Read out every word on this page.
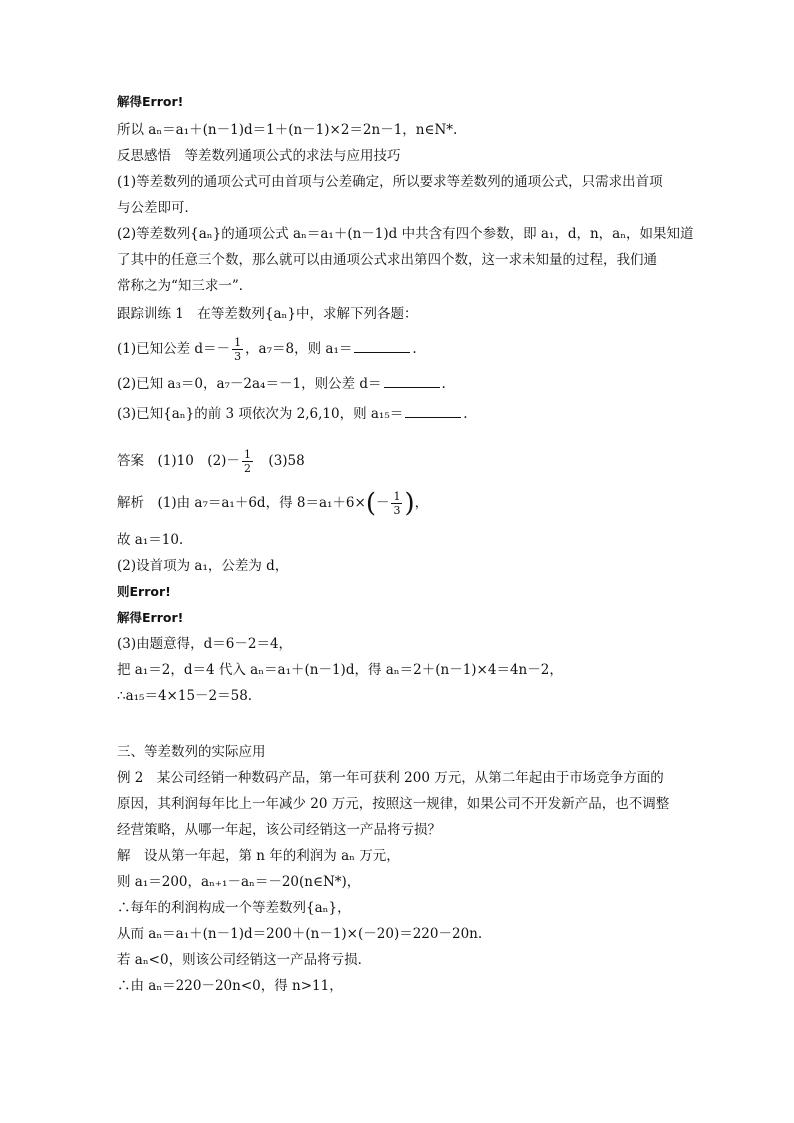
解得Error!
所以 aₙ＝a₁＋(n－1)d＝1＋(n－1)×2＝2n－1，n∈N*.
反思感悟　等差数列通项公式的求法与应用技巧
(1)等差数列的通项公式可由首项与公差确定，所以要求等差数列的通项公式，只需求出首项
与公差即可．
(2)等差数列{aₙ}的通项公式 aₙ＝a₁＋(n－1)d 中共含有四个参数，即 a₁，d，n，aₙ，如果知道
了其中的任意三个数，那么就可以由通项公式求出第四个数，这一求未知量的过程，我们通
常称之为“知三求一”．
跟踪训练 1　在等差数列{aₙ}中，求解下列各题：
(1)已知公差 $d=- \frac{1}{3}$ ，a₇＝8，则 a₁＝	.
(2)已知 a₃＝0，a₇－2a₄＝－1，则公差 d＝	.
(3)已知{aₙ}的前 3 项依次为 2,6,10，则 a₁₅＝	.
答案　(1)10　$(2)- \frac{1}{2}$ 　(3)58
解析　(1)由 a₇＝a₁＋6d，得 $8=a_1+6\times(- \frac{1}{3}$ )，
故 a₁＝10.
(2)设首项为 a₁，公差为 d，
则Error!
解得Error!
(3)由题意得，d＝6－2＝4，
把 a₁＝2，d＝4 代入 aₙ＝a₁＋(n－1)d，得 aₙ＝2＋(n－1)×4＝4n－2，
∴a₁₅＝4×15－2＝58.
三、等差数列的实际应用
例 2　某公司经销一种数码产品，第一年可获利 200 万元，从第二年起由于市场竞争方面的
原因，其利润每年比上一年减少 20 万元，按照这一规律，如果公司不开发新产品，也不调整
经营策略，从哪一年起，该公司经销这一产品将亏损？
解　设从第一年起，第 n 年的利润为 aₙ 万元，
则 a₁＝200，aₙ₊₁－aₙ＝－20(n∈N*)，
∴每年的利润构成一个等差数列{aₙ}，
从而 aₙ＝a₁＋(n－1)d＝200＋(n－1)×(－20)＝220－20n.
若 aₙ<0，则该公司经销这一产品将亏损．
∴由 aₙ＝220－20n<0，得 n>11，
